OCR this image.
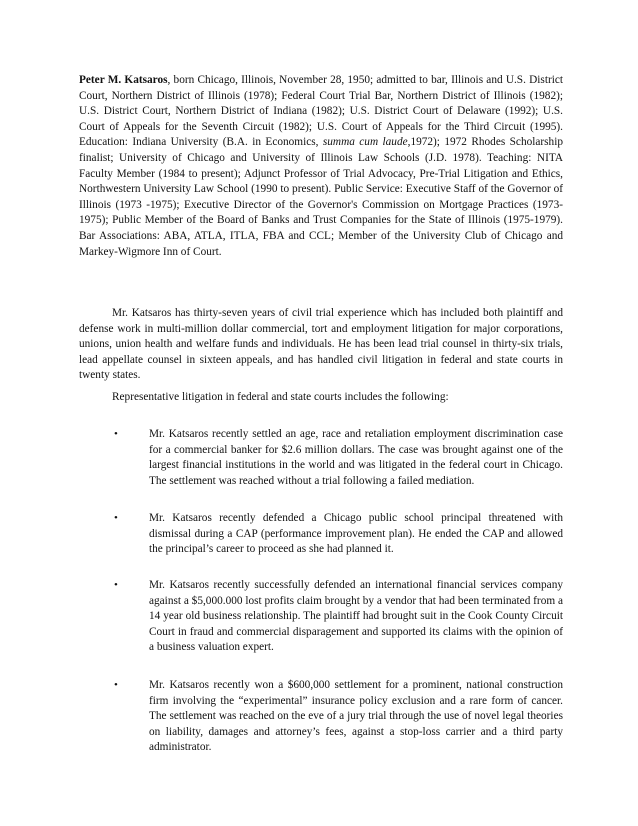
Peter M. Katsaros, born Chicago, Illinois, November 28, 1950; admitted to bar, Illinois and U.S. District Court, Northern District of Illinois (1978); Federal Court Trial Bar, Northern District of Illinois (1982); U.S. District Court, Northern District of Indiana (1982); U.S. District Court of Delaware (1992); U.S. Court of Appeals for the Seventh Circuit (1982); U.S. Court of Appeals for the Third Circuit (1995). Education: Indiana University (B.A. in Economics, summa cum laude,1972); 1972 Rhodes Scholarship finalist; University of Chicago and University of Illinois Law Schools (J.D. 1978). Teaching: NITA Faculty Member (1984 to present); Adjunct Professor of Trial Advocacy, Pre-Trial Litigation and Ethics, Northwestern University Law School (1990 to present). Public Service: Executive Staff of the Governor of Illinois (1973 -1975); Executive Director of the Governor's Commission on Mortgage Practices (1973-1975); Public Member of the Board of Banks and Trust Companies for the State of Illinois (1975-1979). Bar Associations: ABA, ATLA, ITLA, FBA and CCL; Member of the University Club of Chicago and Markey-Wigmore Inn of Court.

Mr. Katsaros has thirty-seven years of civil trial experience which has included both plaintiff and defense work in multi-million dollar commercial, tort and employment litigation for major corporations, unions, union health and welfare funds and individuals. He has been lead trial counsel in thirty-six trials, lead appellate counsel in sixteen appeals, and has handled civil litigation in federal and state courts in twenty states.

Representative litigation in federal and state courts includes the following:

•	Mr. Katsaros recently settled an age, race and retaliation employment discrimination case for a commercial banker for $2.6 million dollars. The case was brought against one of the largest financial institutions in the world and was litigated in the federal court in Chicago. The settlement was reached without a trial following a failed mediation.

•	Mr. Katsaros recently defended a Chicago public school principal threatened with dismissal during a CAP (performance improvement plan). He ended the CAP and allowed the principal’s career to proceed as she had planned it.

•	Mr. Katsaros recently successfully defended an international financial services company against a $5,000.000 lost profits claim brought by a vendor that had been terminated from a 14 year old business relationship. The plaintiff had brought suit in the Cook County Circuit Court in fraud and commercial disparagement and supported its claims with the opinion of a business valuation expert.

•	Mr. Katsaros recently won a $600,000 settlement for a prominent, national construction firm involving the “experimental” insurance policy exclusion and a rare form of cancer. The settlement was reached on the eve of a jury trial through the use of novel legal theories on liability, damages and attorney’s fees, against a stop-loss carrier and a third party administrator.
